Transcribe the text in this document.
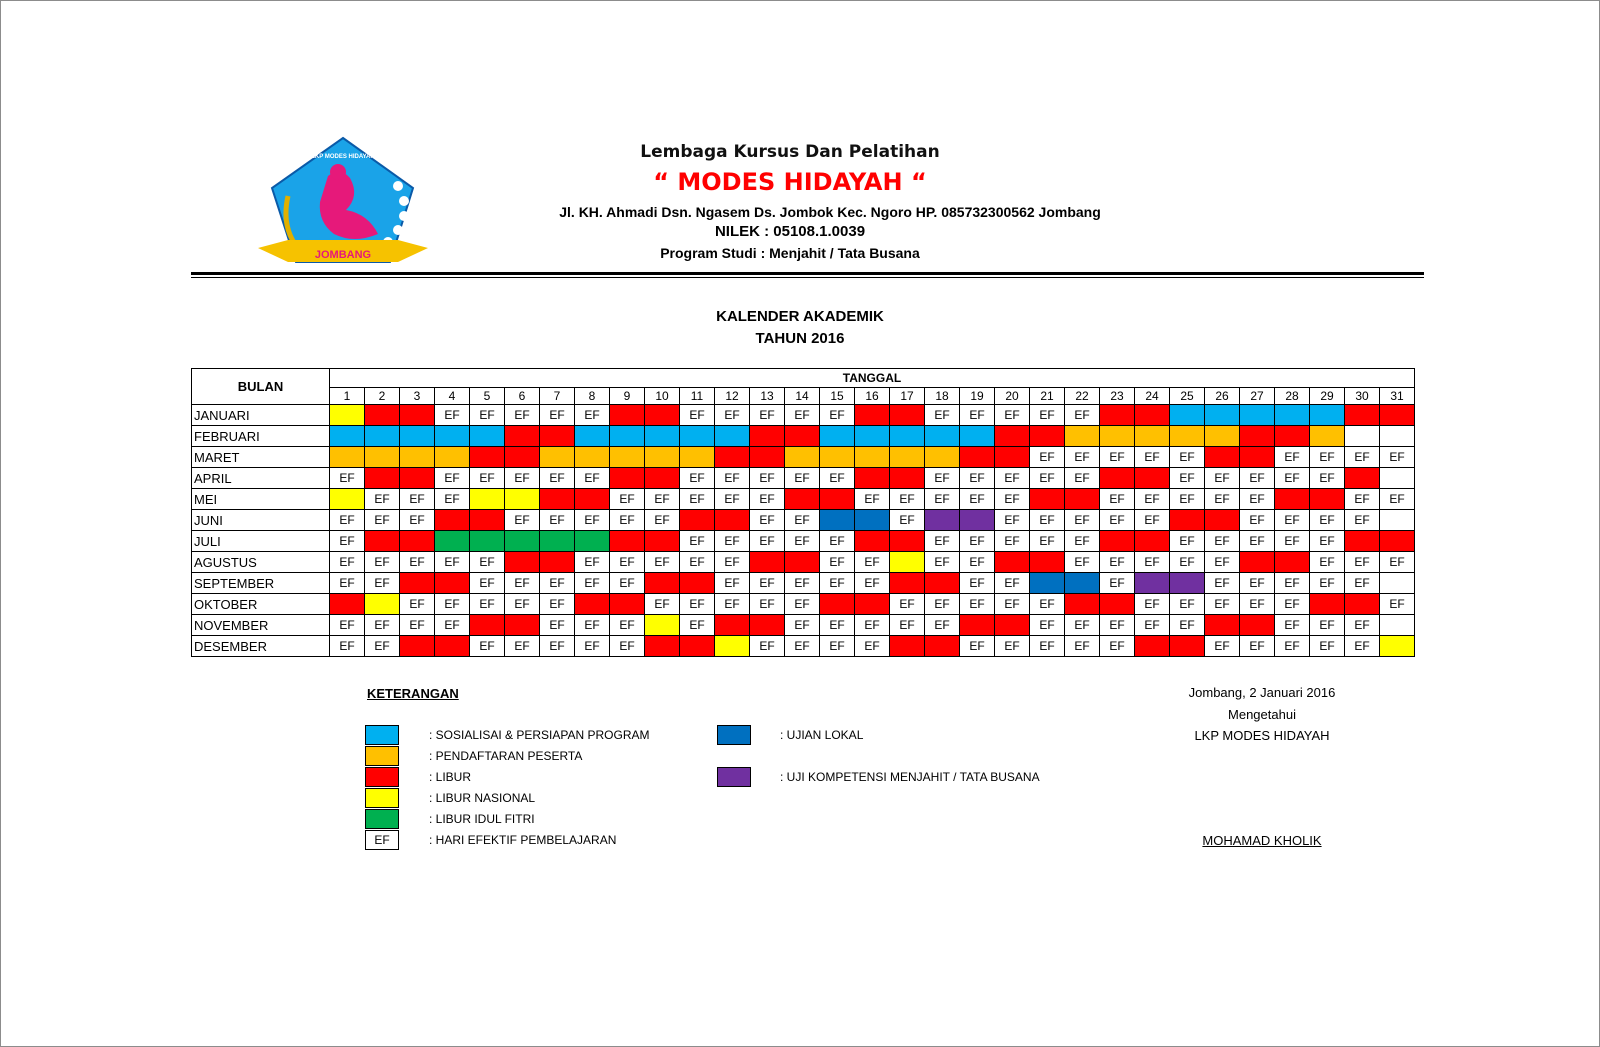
JOMBANG
LKP MODES HIDAYAH	Lembaga Kursus Dan Pelatihan
“ MODES HIDAYAH “
Jl. KH. Ahmadi Dsn. Ngasem Ds. Jombok Kec. Ngoro HP. 085732300562 Jombang
NILEK : 05108.1.0039
Program Studi : Menjahit / Tata Busana
KALENDER AKADEMIK
TAHUN 2016
BULAN	TANGGAL																														
	1	2	3	4	5	6	7	8	9	10	11	12	13	14	15	16	17	18	19	20	21	22	23	24	25	26	27	28	29	30	31
JANUARI				EF	EF	EF	EF	EF			EF	EF	EF	EF	EF			EF	EF	EF	EF	EF									
FEBRUARI																															
MARET																					EF	EF	EF	EF	EF			EF	EF	EF	EF
APRIL	EF			EF	EF	EF	EF	EF			EF	EF	EF	EF	EF			EF	EF	EF	EF	EF			EF	EF	EF	EF	EF		
MEI		EF	EF	EF					EF	EF	EF	EF	EF			EF	EF	EF	EF	EF			EF	EF	EF	EF	EF			EF	EF
JUNI	EF	EF	EF			EF	EF	EF	EF	EF			EF	EF			EF			EF	EF	EF	EF	EF			EF	EF	EF	EF	
JULI	EF										EF	EF	EF	EF	EF			EF	EF	EF	EF	EF			EF	EF	EF	EF	EF		
AGUSTUS	EF	EF	EF	EF	EF			EF	EF	EF	EF	EF			EF	EF		EF	EF			EF	EF	EF	EF	EF			EF	EF	EF
SEPTEMBER	EF	EF			EF	EF	EF	EF	EF			EF	EF	EF	EF	EF			EF	EF			EF			EF	EF	EF	EF	EF	
OKTOBER			EF	EF	EF	EF	EF			EF	EF	EF	EF	EF			EF	EF	EF	EF	EF			EF	EF	EF	EF	EF			EF
NOVEMBER	EF	EF	EF	EF			EF	EF	EF		EF			EF	EF	EF	EF	EF			EF	EF	EF	EF	EF			EF	EF	EF	
DESEMBER	EF	EF			EF	EF	EF	EF	EF				EF	EF	EF	EF			EF	EF	EF	EF	EF			EF	EF	EF	EF	EF	
KETERANGAN
: SOSIALISAI & PERSIAPAN PROGRAM
: PENDAFTARAN PESERTA
: LIBUR
: LIBUR NASIONAL
: LIBUR IDUL FITRI
EF	: HARI EFEKTIF PEMBELAJARAN
: UJIAN LOKAL
: UJI KOMPETENSI MENJAHIT / TATA BUSANA
Jombang, 2 Januari 2016
Mengetahui
LKP MODES HIDAYAH
MOHAMAD KHOLIK
